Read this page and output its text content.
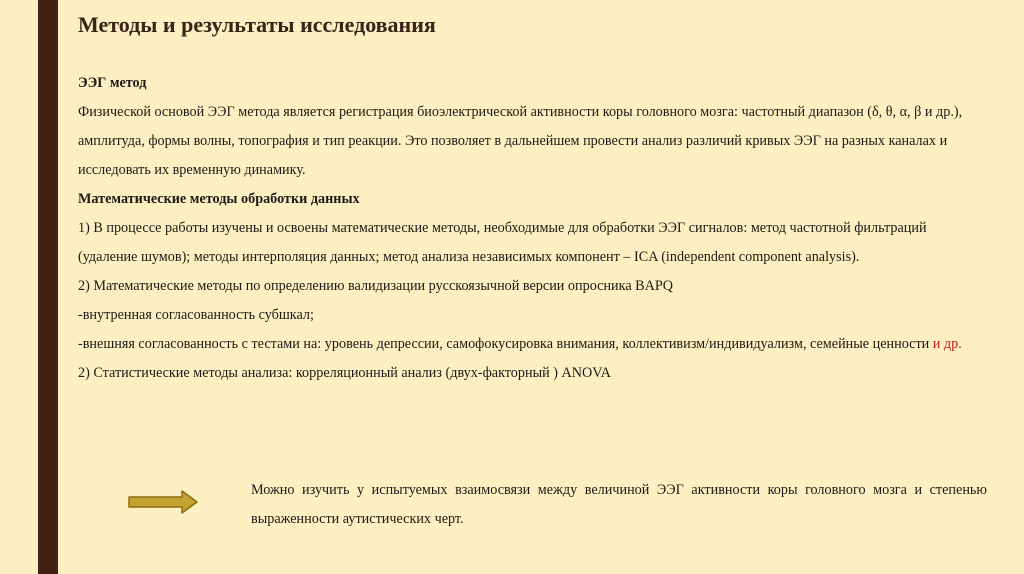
Методы и результаты исследования

ЭЭГ метод

Физической основой ЭЭГ метода является регистрация биоэлектрической активности коры головного мозга: частотный диапазон (δ, θ, α, β и др.), амплитуда, формы волны, топография и тип реакции. Это позволяет в дальнейшем провести анализ различий кривых ЭЭГ на разных каналах и исследовать их временную динамику.

Математические методы обработки данных

1) В процессе работы изучены и освоены математические методы, необходимые для обработки ЭЭГ сигналов: метод частотной фильтраций (удаление шумов); методы интерполяция данных; метод анализа независимых компонент – ICA (independent component analysis).

2) Математические методы по определению валидизации русскоязычной версии опросника BAPQ

-внутренная согласованность субшкал;

-внешняя согласованность с тестами на: уровень депрессии, самофокусировка внимания, коллективизм/индивидуализм, семейные ценности и др.

2) Статистические методы анализа: корреляционный анализ (двух-факторный ) ANOVA

Можно изучить у испытуемых взаимосвязи между величиной ЭЭГ активности коры головного мозга и степенью выраженности аутистических черт.
